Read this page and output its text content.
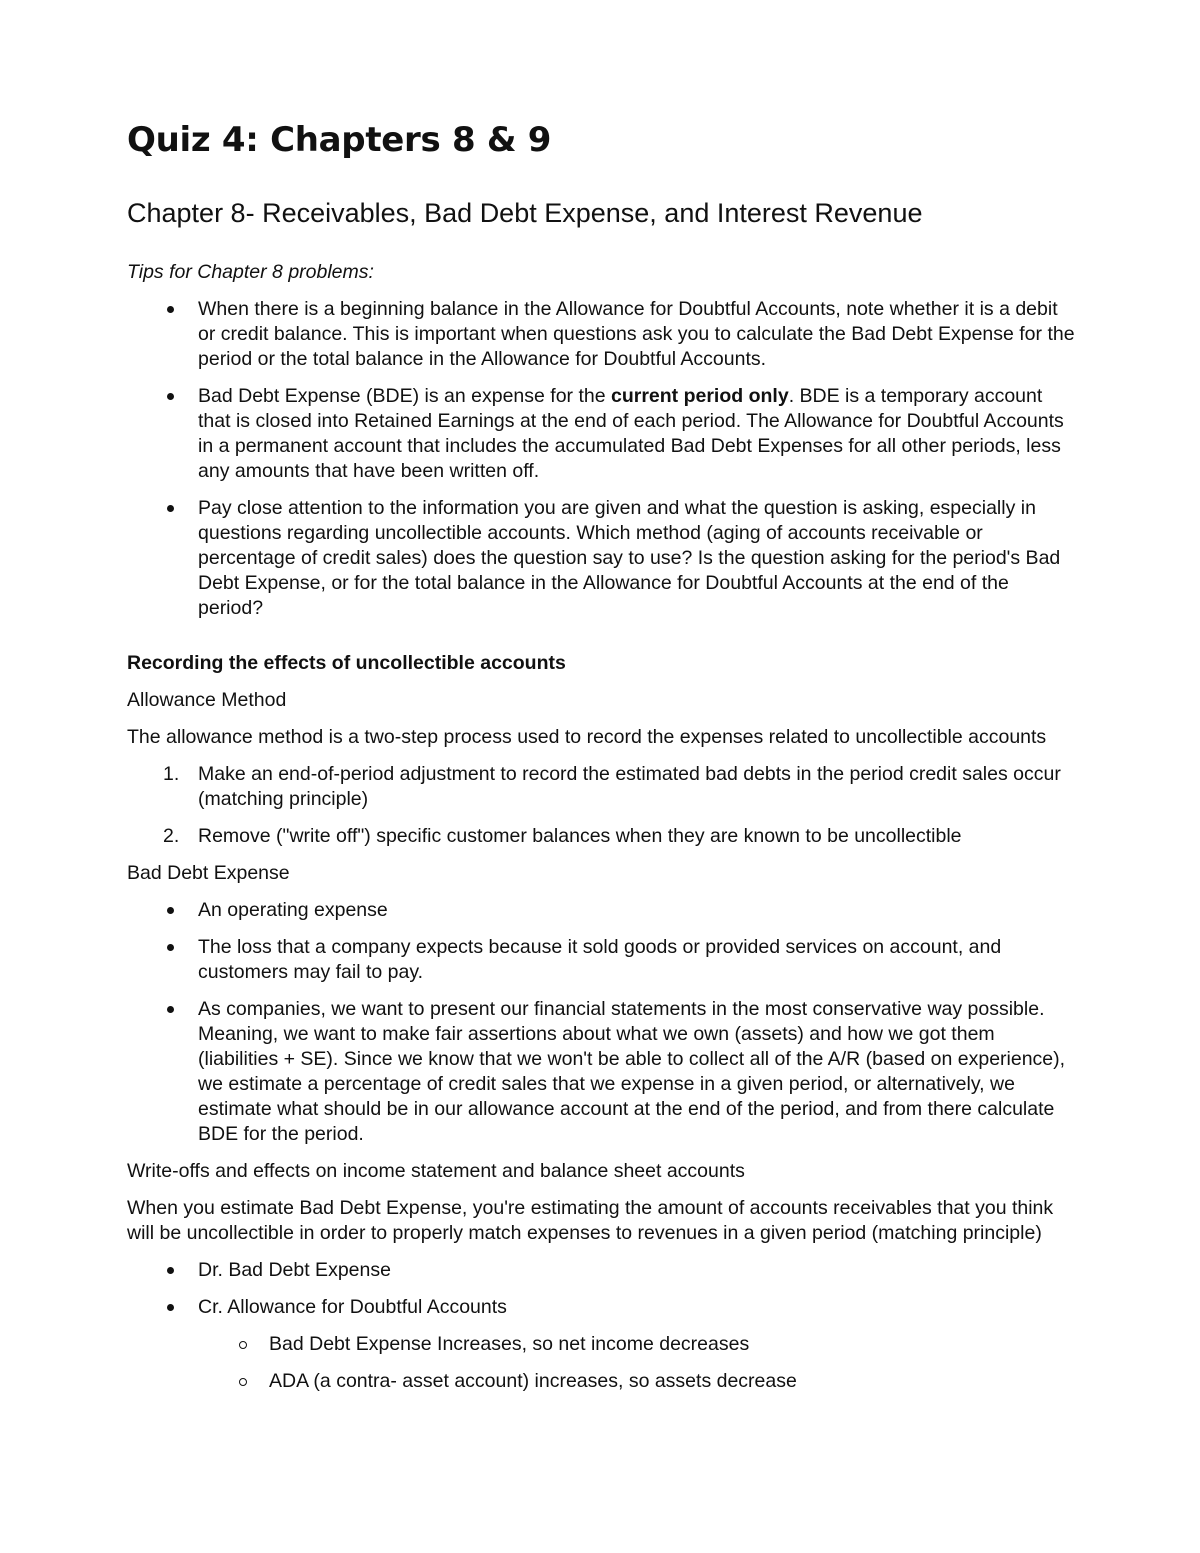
Quiz 4: Chapters 8 & 9
Chapter 8- Receivables, Bad Debt Expense, and Interest Revenue

Tips for Chapter 8 problems:

When there is a beginning balance in the Allowance for Doubtful Accounts, note whether it is a debit or credit balance. This is important when questions ask you to calculate the Bad Debt Expense for the period or the total balance in the Allowance for Doubtful Accounts.
Bad Debt Expense (BDE) is an expense for the current period only. BDE is a temporary account that is closed into Retained Earnings at the end of each period. The Allowance for Doubtful Accounts in a permanent account that includes the accumulated Bad Debt Expenses for all other periods, less any amounts that have been written off.
Pay close attention to the information you are given and what the question is asking, especially in questions regarding uncollectible accounts. Which method (aging of accounts receivable or percentage of credit sales) does the question say to use? Is the question asking for the period's Bad Debt Expense, or for the total balance in the Allowance for Doubtful Accounts at the end of the period?

Recording the effects of uncollectible accounts

Allowance Method

The allowance method is a two-step process used to record the expenses related to uncollectible accounts

1. Make an end-of-period adjustment to record the estimated bad debts in the period credit sales occur (matching principle)
2. Remove ("write off") specific customer balances when they are known to be uncollectible

Bad Debt Expense

An operating expense
The loss that a company expects because it sold goods or provided services on account, and customers may fail to pay.
As companies, we want to present our financial statements in the most conservative way possible. Meaning, we want to make fair assertions about what we own (assets) and how we got them (liabilities + SE). Since we know that we won't be able to collect all of the A/R (based on experience), we estimate a percentage of credit sales that we expense in a given period, or alternatively, we estimate what should be in our allowance account at the end of the period, and from there calculate BDE for the period.

Write-offs and effects on income statement and balance sheet accounts

When you estimate Bad Debt Expense, you're estimating the amount of accounts receivables that you think will be uncollectible in order to properly match expenses to revenues in a given period (matching principle)

Dr. Bad Debt Expense
Cr. Allowance for Doubtful Accounts
Bad Debt Expense Increases, so net income decreases
ADA (a contra- asset account) increases, so assets decrease
